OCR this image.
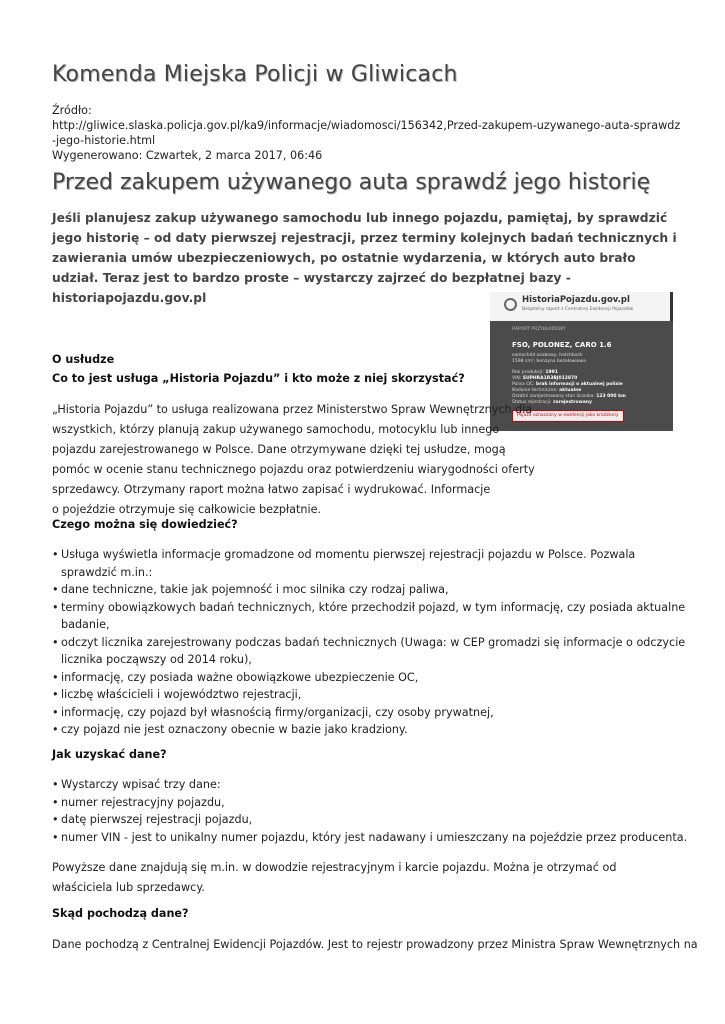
Komenda Miejska Policji w Gliwicach
Źródło:
http://gliwice.slaska.policja.gov.pl/ka9/informacje/wiadomosci/156342,Przed-zakupem-uzywanego-auta-sprawdz-jego-historie.html
Wygenerowano: Czwartek, 2 marca 2017, 06:46
Przed zakupem używanego auta sprawdź jego historię
Jeśli planujesz zakup używanego samochodu lub innego pojazdu, pamiętaj, by sprawdzić jego historię – od daty pierwszej rejestracji, przez terminy kolejnych badań technicznych i zawierania umów ubezpieczeniowych, po ostatnie wydarzenia, w których auto brało udział. Teraz jest to bardzo proste – wystarczy zajrzeć do bezpłatnej bazy - historiapojazdu.gov.pl	HistoriaPojazdu.gov.pl
Bezpłatny raport z Centralnej Ewidencji Pojazdów
RAPORT PRZYKŁADOWY
FSO, POLONEZ, CARO 1.6
samochód osobowy, hatchback
1598 cm³, benzyna bezołowiowa
Rok produkcji: 1991
VIN: SUPHRA1R3BJ012870
Polisa OC: brak informacji o aktualnej polisie
Badanie techniczne: aktualne
Ostatni zarejestrowany stan licznika: 123 000 km
Status rejestracji: zarejestrowany
Pojazd oznaczony w ewidencji jako kradziony
O usłudze
Co to jest usługa „Historia Pojazdu” i kto może z niej skorzystać?
„Historia Pojazdu” to usługa realizowana przez Ministerstwo Spraw Wewnętrznych dla
wszystkich, którzy planują zakup używanego samochodu, motocyklu lub innego
pojazdu zarejestrowanego w Polsce. Dane otrzymywane dzięki tej usłudze, mogą
pomóc w ocenie stanu technicznego pojazdu oraz potwierdzeniu wiarygodności oferty
sprzedawcy. Otrzymany raport można łatwo zapisać i wydrukować. Informacje
o pojeździe otrzymuje się całkowicie bezpłatnie.
Czego można się dowiedzieć?
• Usługa wyświetla informacje gromadzone od momentu pierwszej rejestracji pojazdu w Polsce. Pozwala sprawdzić m.in.:
• dane techniczne, takie jak pojemność i moc silnika czy rodzaj paliwa,
• terminy obowiązkowych badań technicznych, które przechodził pojazd, w tym informację, czy posiada aktualne badanie,
• odczyt licznika zarejestrowany podczas badań technicznych (Uwaga: w CEP gromadzi się informacje o odczycie licznika począwszy od 2014 roku),
• informację, czy posiada ważne obowiązkowe ubezpieczenie OC,
• liczbę właścicieli i województwo rejestracji,
• informację, czy pojazd był własnością firmy/organizacji, czy osoby prywatnej,
• czy pojazd nie jest oznaczony obecnie w bazie jako kradziony.
Jak uzyskać dane?
• Wystarczy wpisać trzy dane:
• numer rejestracyjny pojazdu,
• datę pierwszej rejestracji pojazdu,
• numer VIN - jest to unikalny numer pojazdu, który jest nadawany i umieszczany na pojeździe przez producenta.
Powyższe dane znajdują się m.in. w dowodzie rejestracyjnym i karcie pojazdu. Można je otrzymać od właściciela lub sprzedawcy.
Skąd pochodzą dane?
Dane pochodzą z Centralnej Ewidencji Pojazdów. Jest to rejestr prowadzony przez Ministra Spraw Wewnętrznych na
